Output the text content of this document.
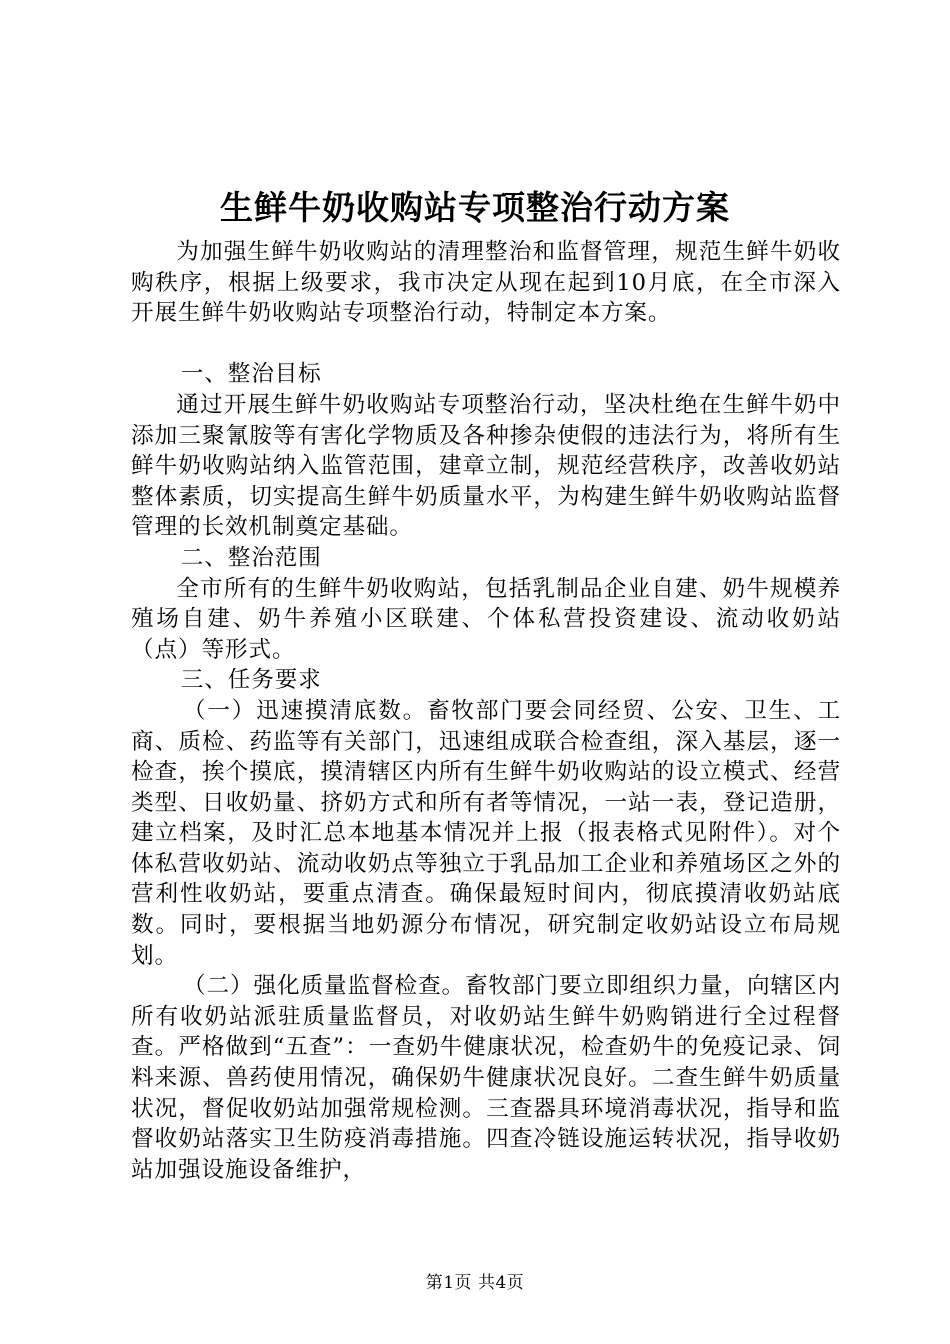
生鲜牛奶收购站专项整治行动方案

为加强生鲜牛奶收购站的清理整治和监督管理，规范生鲜牛奶收购秩序，根据上级要求，我市决定从现在起到10月底，在全市深入开展生鲜牛奶收购站专项整治行动，特制定本方案。

一、整治目标

通过开展生鲜牛奶收购站专项整治行动，坚决杜绝在生鲜牛奶中添加三聚氰胺等有害化学物质及各种掺杂使假的违法行为，将所有生鲜牛奶收购站纳入监管范围，建章立制，规范经营秩序，改善收奶站整体素质，切实提高生鲜牛奶质量水平，为构建生鲜牛奶收购站监督管理的长效机制奠定基础。

二、整治范围

全市所有的生鲜牛奶收购站，包括乳制品企业自建、奶牛规模养殖场自建、奶牛养殖小区联建、个体私营投资建设、流动收奶站（点）等形式。

三、任务要求

（一）迅速摸清底数。畜牧部门要会同经贸、公安、卫生、工商、质检、药监等有关部门，迅速组成联合检查组，深入基层，逐一检查，挨个摸底，摸清辖区内所有生鲜牛奶收购站的设立模式、经营类型、日收奶量、挤奶方式和所有者等情况，一站一表，登记造册，建立档案，及时汇总本地基本情况并上报（报表格式见附件）。对个体私营收奶站、流动收奶点等独立于乳品加工企业和养殖场区之外的营利性收奶站，要重点清查。确保最短时间内，彻底摸清收奶站底数。同时，要根据当地奶源分布情况，研究制定收奶站设立布局规划。

（二）强化质量监督检查。畜牧部门要立即组织力量，向辖区内所有收奶站派驻质量监督员，对收奶站生鲜牛奶购销进行全过程督查。严格做到“五查”：一查奶牛健康状况，检查奶牛的免疫记录、饲料来源、兽药使用情况，确保奶牛健康状况良好。二查生鲜牛奶质量状况，督促收奶站加强常规检测。三查器具环境消毒状况，指导和监督收奶站落实卫生防疫消毒措施。四查冷链设施运转状况，指导收奶站加强设施设备维护，

第1页 共4页
